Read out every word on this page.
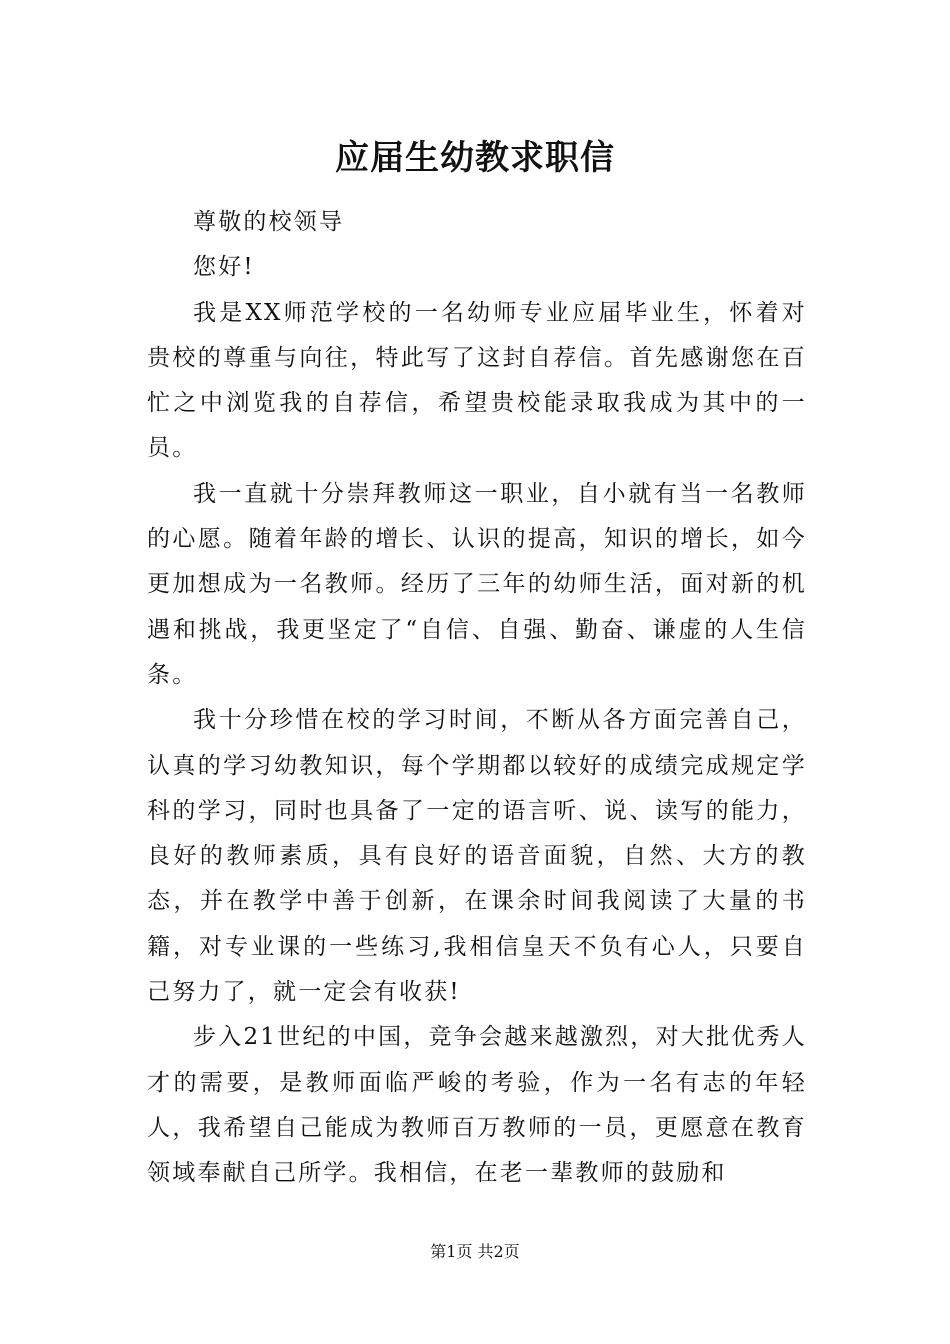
应届生幼教求职信

尊敬的校领导

您好!

我是XX师范学校的一名幼师专业应届毕业生，怀着对贵校的尊重与向往，特此写了这封自荐信。首先感谢您在百忙之中浏览我的自荐信，希望贵校能录取我成为其中的一员。

我一直就十分崇拜教师这一职业，自小就有当一名教师的心愿。随着年龄的增长、认识的提高，知识的增长，如今更加想成为一名教师。经历了三年的幼师生活，面对新的机遇和挑战，我更坚定了“自信、自强、勤奋、谦虚的人生信条。

我十分珍惜在校的学习时间，不断从各方面完善自己，认真的学习幼教知识，每个学期都以较好的成绩完成规定学科的学习，同时也具备了一定的语言听、说、读写的能力，良好的教师素质，具有良好的语音面貌，自然、大方的教态，并在教学中善于创新，在课余时间我阅读了大量的书籍，对专业课的一些练习,我相信皇天不负有心人，只要自己努力了，就一定会有收获!

步入21世纪的中国，竞争会越来越激烈，对大批优秀人才的需要，是教师面临严峻的考验，作为一名有志的年轻人，我希望自己能成为教师百万教师的一员，更愿意在教育领域奉献自己所学。我相信，在老一辈教师的鼓励和

第1页 共2页
